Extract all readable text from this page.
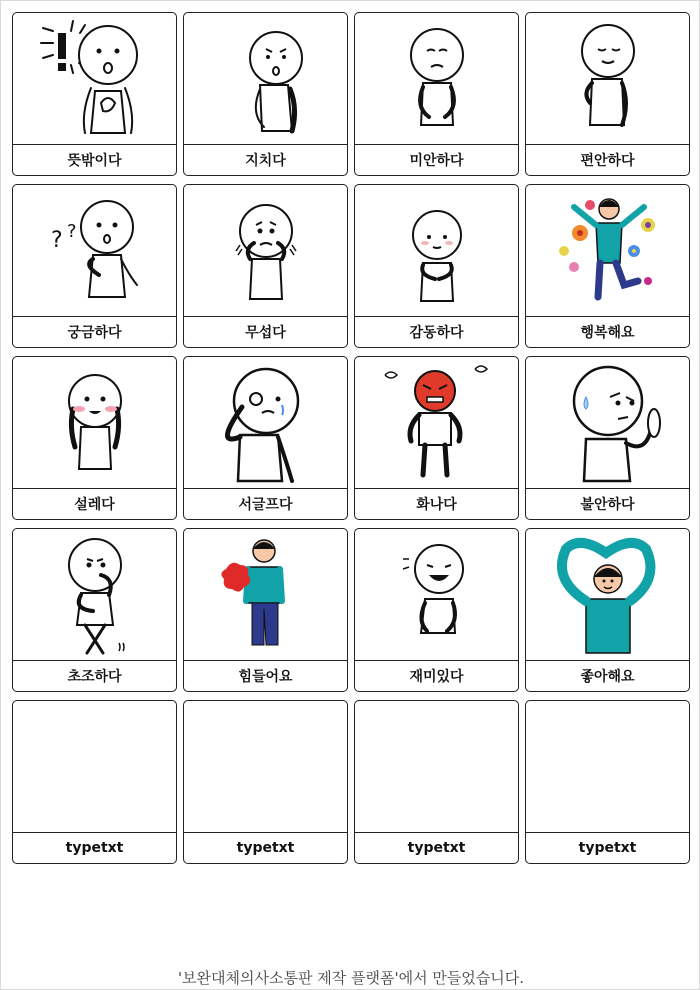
뜻밖이다	지치다	미안하다	편안하다
? ?
궁금하다	무섭다	감동하다	행복해요
설레다	서글프다	화나다	불안하다
초조하다	힘들어요	재미있다	좋아해요
typetxt	typetxt	typetxt	typetxt
'보완대체의사소통판 제작 플랫폼'에서 만들었습니다.
